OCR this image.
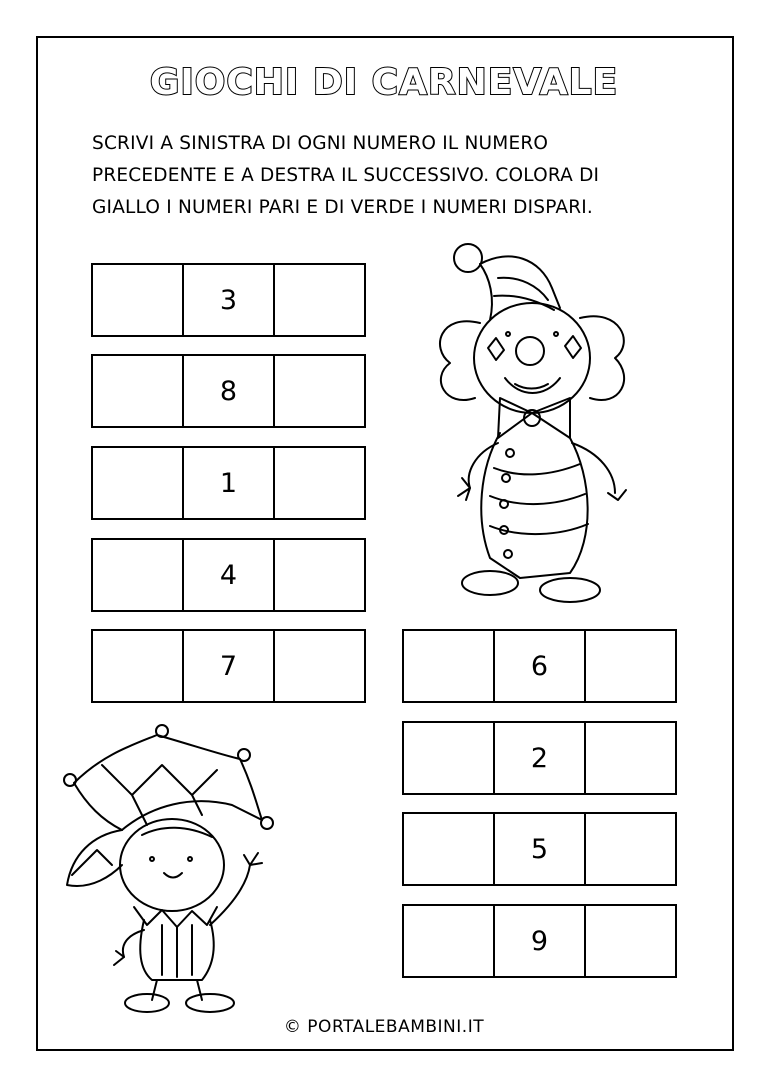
GIOCHI DI CARNEVALE
SCRIVI A SINISTRA DI OGNI NUMERO IL NUMERO
PRECEDENTE E A DESTRA IL SUCCESSIVO. COLORA DI
GIALLO I NUMERI PARI E DI VERDE I NUMERI DISPARI.
3
8
1
4
7	6
2
5
9
© PORTALEBAMBINI.IT
